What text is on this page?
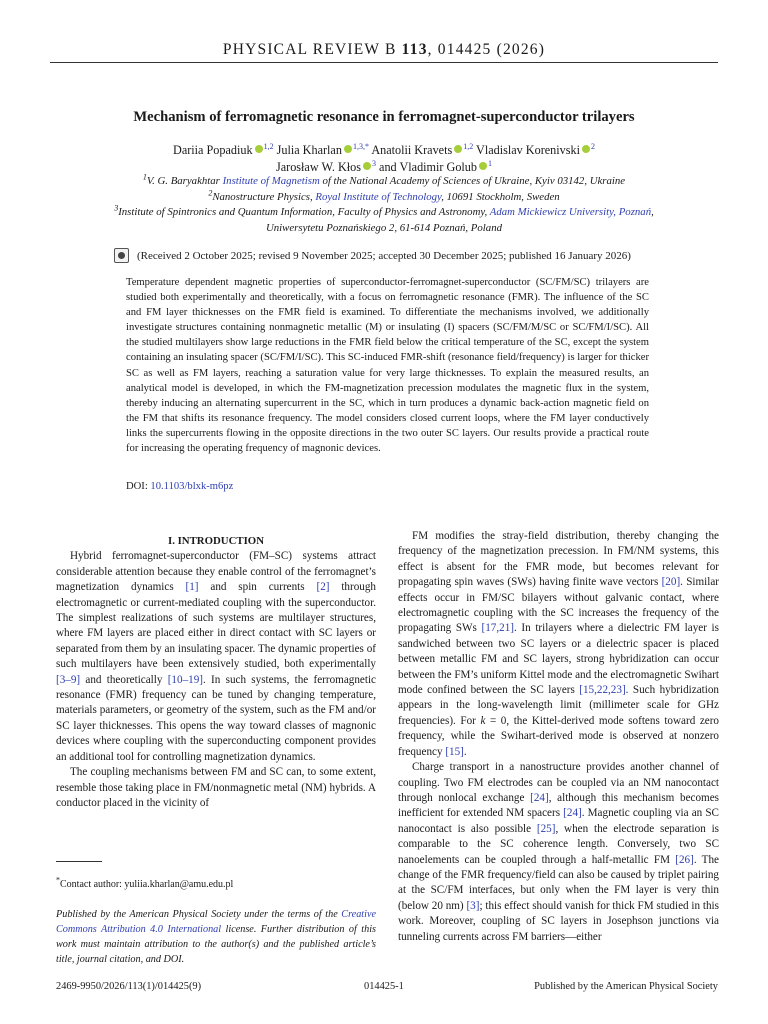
PHYSICAL REVIEW B 113, 014425 (2026)
Mechanism of ferromagnetic resonance in ferromagnet-superconductor trilayers
Dariia Popadiuk $^{1,2}$ Julia Kharlan $^{1,3,*}$ Anatolii Kravets $^{1,2}$ Vladislav Korenivski $^2$
Jarosław W. Kłos $^3$ and Vladimir Golub $^1$
$^1$V. G. Baryakhtar Institute of Magnetism of the National Academy of Sciences of Ukraine, Kyiv 03142, Ukraine
$^2$Nanostructure Physics, Royal Institute of Technology, 10691 Stockholm, Sweden
$^3$Institute of Spintronics and Quantum Information, Faculty of Physics and Astronomy, Adam Mickiewicz University, Poznań,
Uniwersytetu Poznańskiego 2, 61-614 Poznań, Poland
(Received 2 October 2025; revised 9 November 2025; accepted 30 December 2025; published 16 January 2026)
Temperature dependent magnetic properties of superconductor-ferromagnet-superconductor (SC/FM/SC) trilayers are studied both experimentally and theoretically, with a focus on ferromagnetic resonance (FMR). The influence of the SC and FM layer thicknesses on the FMR field is examined. To differentiate the mechanisms involved, we additionally investigate structures containing nonmagnetic metallic (M) or insulating (I) spacers (SC/FM/M/SC or SC/FM/I/SC). All the studied multilayers show large reductions in the FMR field below the critical temperature of the SC, except the system containing an insulating spacer (SC/FM/I/SC). This SC-induced FMR-shift (resonance field/frequency) is larger for thicker SC as well as FM layers, reaching a saturation value for very large thicknesses. To explain the measured results, an analytical model is developed, in which the FM-magnetization precession modulates the magnetic flux in the system, thereby inducing an alternating supercurrent in the SC, which in turn produces a dynamic back-action magnetic field on the FM that shifts its resonance frequency. The model considers closed current loops, where the FM layer conductively links the supercurrents flowing in the opposite directions in the two outer SC layers. Our results provide a practical route for increasing the operating frequency of magnonic devices.
DOI: 10.1103/blxk-m6pz

I. INTRODUCTION

Hybrid ferromagnet-superconductor (FM–SC) systems attract considerable attention because they enable control of the ferromagnet’s magnetization dynamics [1] and spin currents [2] through electromagnetic or current-mediated coupling with the superconductor. The simplest realizations of such systems are multilayer structures, where FM layers are placed either in direct contact with SC layers or separated from them by an insulating spacer. The dynamic properties of such multilayers have been extensively studied, both experimentally [3–9] and theoretically [10–19]. In such systems, the ferromagnetic resonance (FMR) frequency can be tuned by changing temperature, materials parameters, or geometry of the system, such as the FM and/or SC layer thicknesses. This opens the way toward classes of magnonic devices where coupling with the superconducting component provides an additional tool for controlling magnetization dynamics.

The coupling mechanisms between FM and SC can, to some extent, resemble those taking place in FM/nonmagnetic metal (NM) hybrids. A conductor placed in the vicinity of

FM modifies the stray-field distribution, thereby changing the frequency of the magnetization precession. In FM/NM systems, this effect is absent for the FMR mode, but becomes relevant for propagating spin waves (SWs) having finite wave vectors [20]. Similar effects occur in FM/SC bilayers without galvanic contact, where electromagnetic coupling with the SC increases the frequency of the propagating SWs [17,21]. In trilayers where a dielectric FM layer is sandwiched between two SC layers or a dielectric spacer is placed between metallic FM and SC layers, strong hybridization can occur between the FM’s uniform Kittel mode and the electromagnetic Swihart mode confined between the SC layers [15,22,23]. Such hybridization appears in the long-wavelength limit (millimeter scale for GHz frequencies). For k = 0, the Kittel-derived mode softens toward zero frequency, while the Swihart-derived mode is observed at nonzero frequency [15].

Charge transport in a nanostructure provides another channel of coupling. Two FM electrodes can be coupled via an NM nanocontact through nonlocal exchange [24], although this mechanism becomes inefficient for extended NM spacers [24]. Magnetic coupling via an SC nanocontact is also possible [25], when the electrode separation is comparable to the SC coherence length. Conversely, two SC nanoelements can be coupled through a half-metallic FM [26]. The change of the FMR frequency/field can also be caused by triplet pairing at the SC/FM interfaces, but only when the FM layer is very thin (below 20 nm) [3]; this effect should vanish for thick FM studied in this work. Moreover, coupling of SC layers in Josephson junctions via tunneling currents across FM barriers—either

*Contact author: yuliia.kharlan@amu.edu.pl
Published by the American Physical Society under the terms of the Creative Commons Attribution 4.0 International license. Further distribution of this work must maintain attribution to the author(s) and the published article’s title, journal citation, and DOI.
2469-9950/2026/113(1)/014425(9)	014425-1	Published by the American Physical Society
